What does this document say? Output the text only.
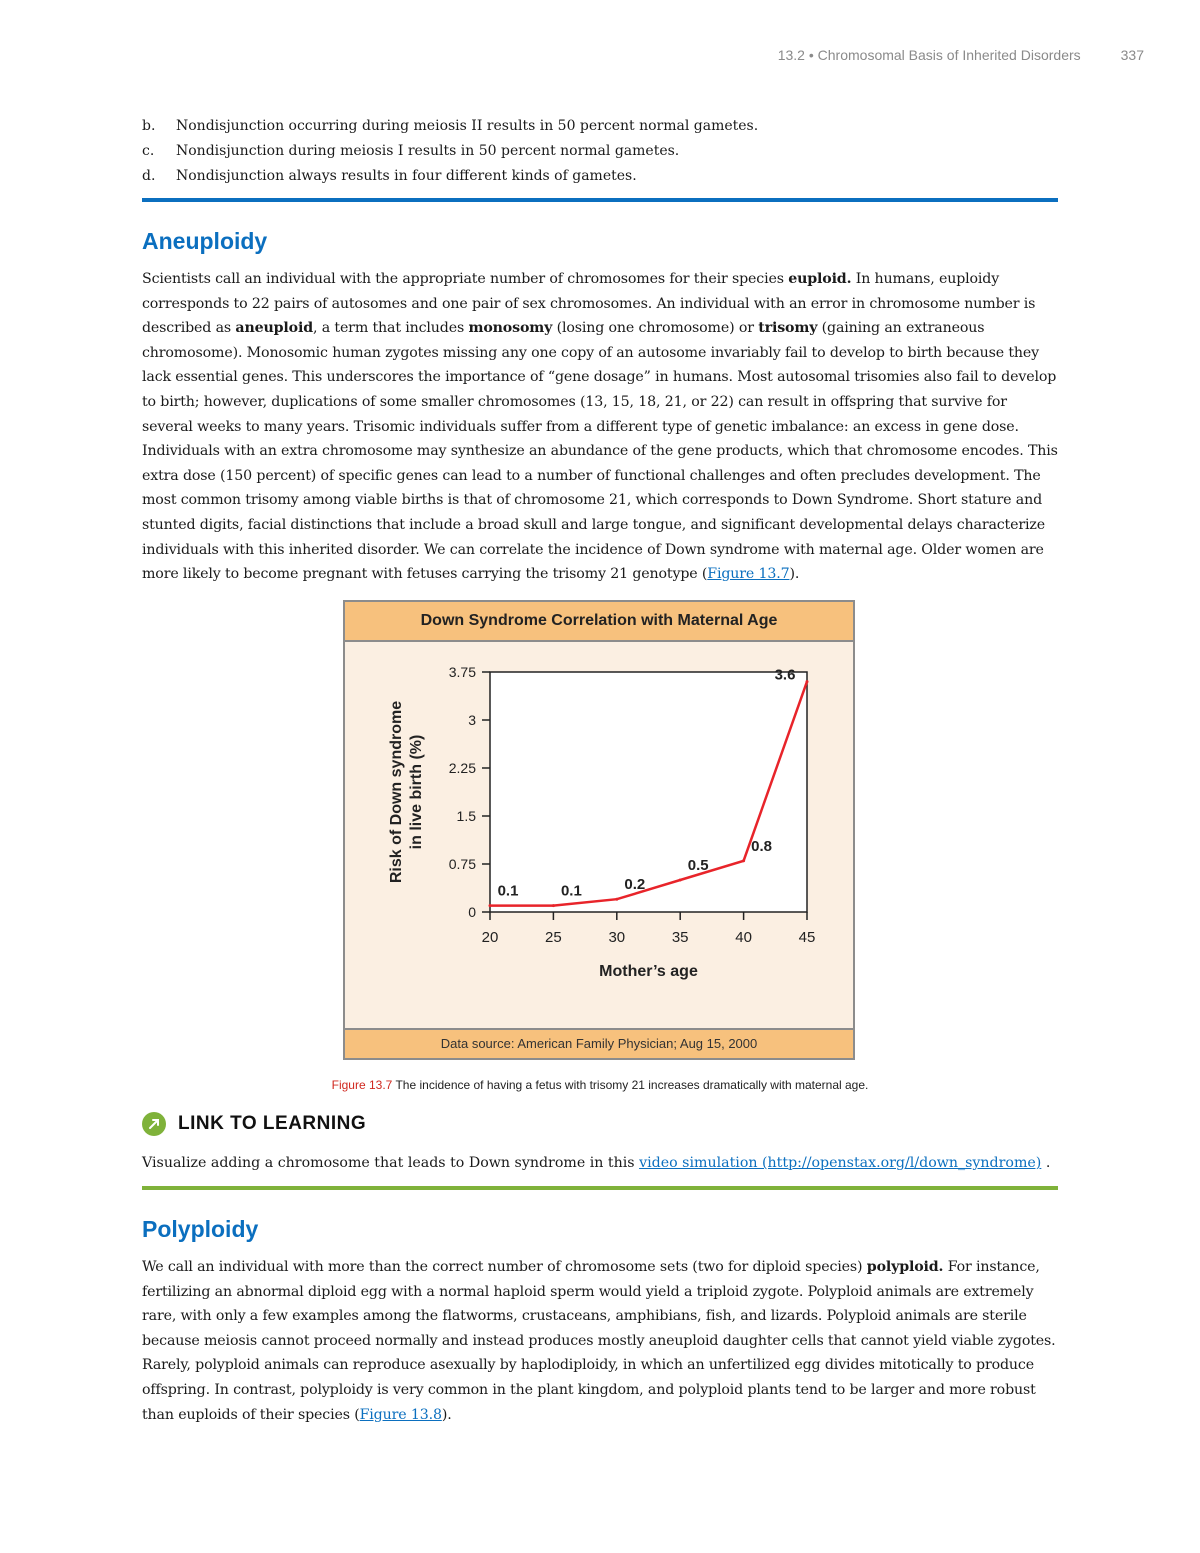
13.2 • Chromosomal Basis of Inherited Disorders	337
b.	Nondisjunction occurring during meiosis II results in 50 percent normal gametes.
c.	Nondisjunction during meiosis I results in 50 percent normal gametes.
d.	Nondisjunction always results in four different kinds of gametes.
Aneuploidy

Scientists call an individual with the appropriate number of chromosomes for their species euploid. In humans, euploidy corresponds to 22 pairs of autosomes and one pair of sex chromosomes. An individual with an error in chromosome number is described as aneuploid, a term that includes monosomy (losing one chromosome) or trisomy (gaining an extraneous chromosome). Monosomic human zygotes missing any one copy of an autosome invariably fail to develop to birth because they lack essential genes. This underscores the importance of “gene dosage” in humans. Most autosomal trisomies also fail to develop to birth; however, duplications of some smaller chromosomes (13, 15, 18, 21, or 22) can result in offspring that survive for several weeks to many years. Trisomic individuals suffer from a different type of genetic imbalance: an excess in gene dose. Individuals with an extra chromosome may synthesize an abundance of the gene products, which that chromosome encodes. This extra dose (150 percent) of specific genes can lead to a number of functional challenges and often precludes development. The most common trisomy among viable births is that of chromosome 21, which corresponds to Down Syndrome. Short stature and stunted digits, facial distinctions that include a broad skull and large tongue, and significant developmental delays characterize individuals with this inherited disorder. We can correlate the incidence of Down syndrome with maternal age. Older women are more likely to become pregnant with fetuses carrying the trisomy 21 genotype (Figure 13.7).

Down Syndrome Correlation with Maternal Age
0
0.75
1.5
2.25
3
3.75
20	25	30	35	40	45
Mother’s age
Risk of Down syndrome in live birth (%)
0.1	0.1	0.2
0.5
0.8
3.6
Data source: American Family Physician; Aug 15, 2000
Figure 13.7 The incidence of having a fetus with trisomy 21 increases dramatically with maternal age.
LINK TO LEARNING
Visualize adding a chromosome that leads to Down syndrome in this video simulation (http://openstax.org/l/down_syndrome) .
Polyploidy

We call an individual with more than the correct number of chromosome sets (two for diploid species) polyploid. For instance, fertilizing an abnormal diploid egg with a normal haploid sperm would yield a triploid zygote. Polyploid animals are extremely rare, with only a few examples among the flatworms, crustaceans, amphibians, fish, and lizards. Polyploid animals are sterile because meiosis cannot proceed normally and instead produces mostly aneuploid daughter cells that cannot yield viable zygotes. Rarely, polyploid animals can reproduce asexually by haplodiploidy, in which an unfertilized egg divides mitotically to produce offspring. In contrast, polyploidy is very common in the plant kingdom, and polyploid plants tend to be larger and more robust than euploids of their species (Figure 13.8).
